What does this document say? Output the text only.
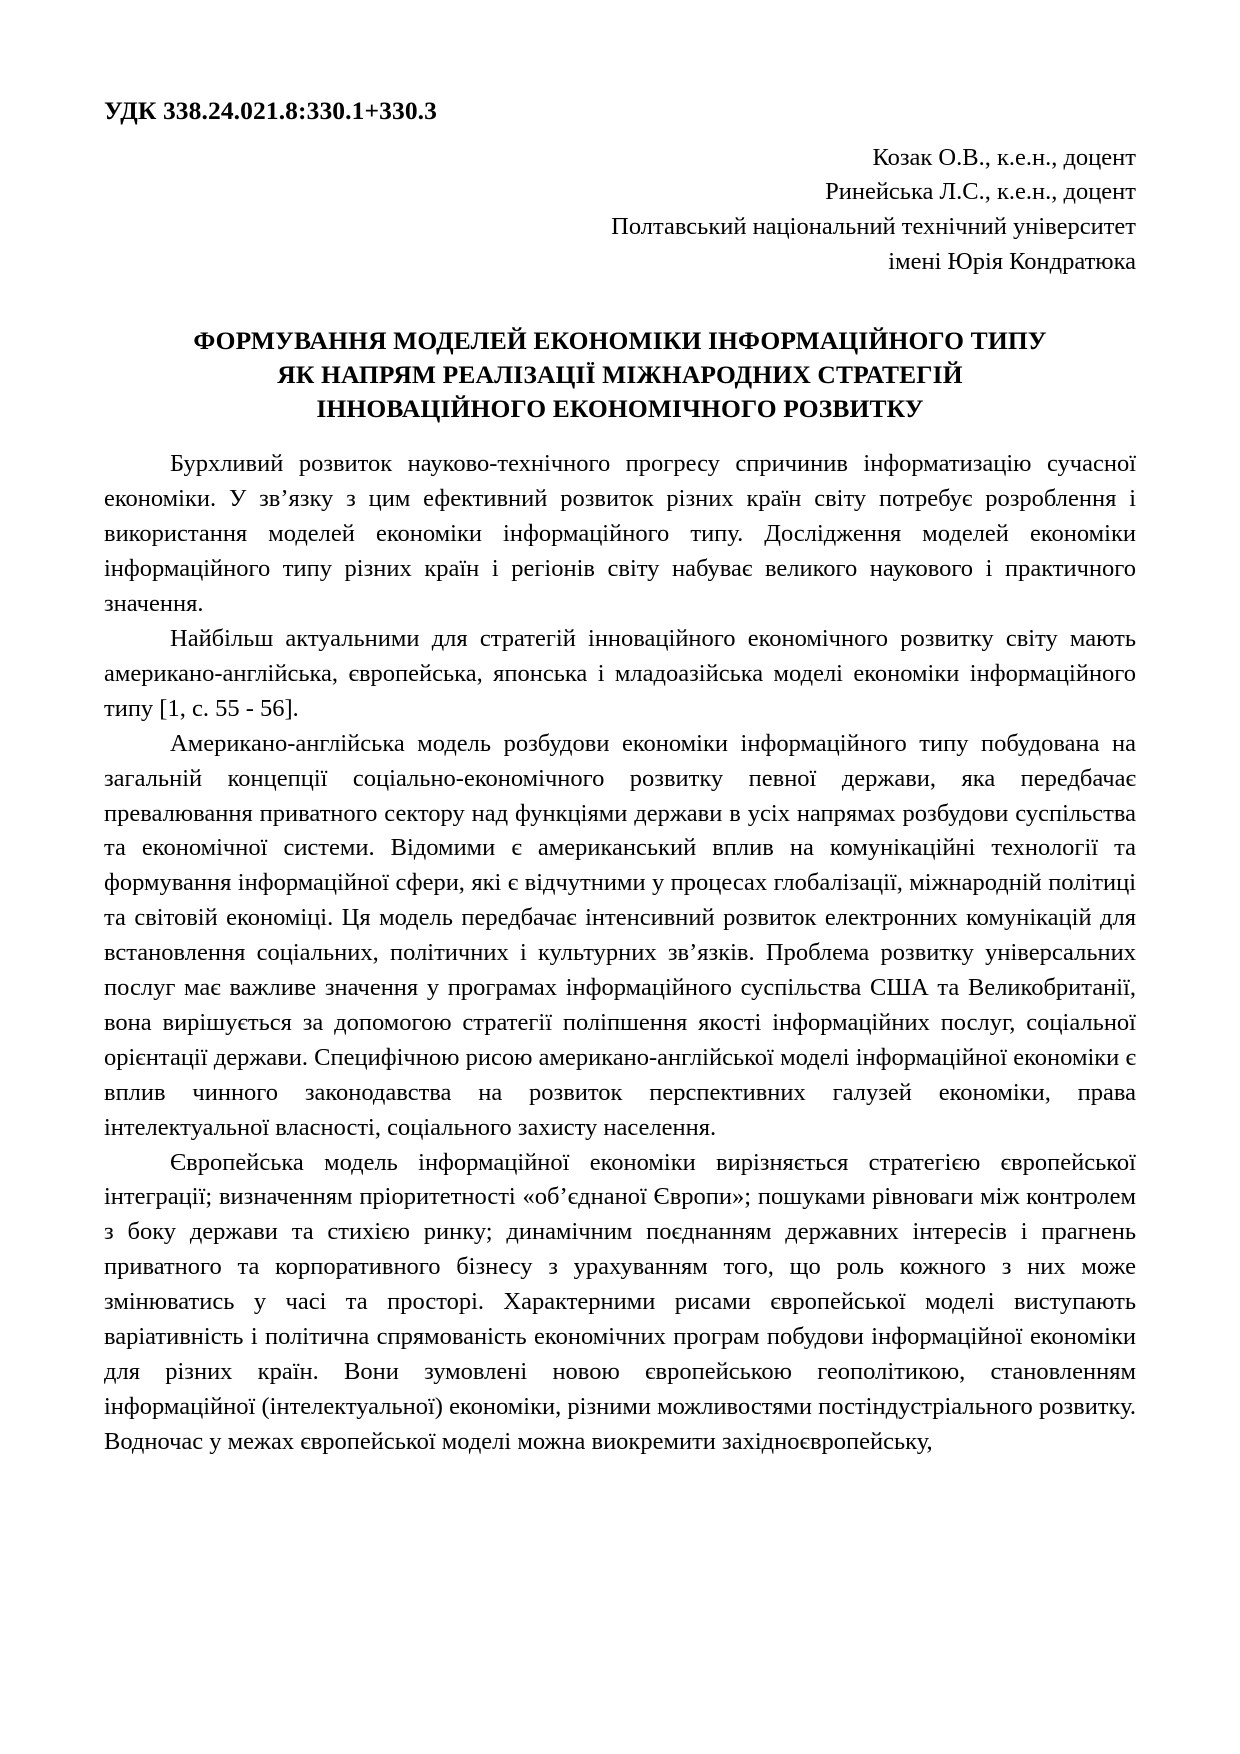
УДК 338.24.021.8:330.1+330.3
Козак О.В., к.е.н., доцент
Ринейська Л.С., к.е.н., доцент
Полтавський національний технічний університет
імені Юрія Кондратюка
ФОРМУВАННЯ МОДЕЛЕЙ ЕКОНОМІКИ ІНФОРМАЦІЙНОГО ТИПУ
ЯК НАПРЯМ РЕАЛІЗАЦІЇ МІЖНАРОДНИХ СТРАТЕГІЙ
ІННОВАЦІЙНОГО ЕКОНОМІЧНОГО РОЗВИТКУ

Бурхливий розвиток науково-технічного прогресу спричинив інформатизацію сучасної економіки. У зв’язку з цим ефективний розвиток різних країн світу потребує розроблення і використання моделей економіки інформаційного типу. Дослідження моделей економіки інформаційного типу різних країн і регіонів світу набуває великого наукового і практичного значення.

Найбільш актуальними для стратегій інноваційного економічного розвитку світу мають американо-англійська, європейська, японська і младоазійська моделі економіки інформаційного типу [1, с. 55 - 56].

Американо-англійська модель розбудови економіки інформаційного типу побудована на загальній концепції соціально-економічного розвитку певної держави, яка передбачає превалювання приватного сектору над функціями держави в усіх напрямах розбудови суспільства та економічної системи. Відомими є американський вплив на комунікаційні технології та формування інформаційної сфери, які є відчутними у процесах глобалізації, міжнародній політиці та світовій економіці. Ця модель передбачає інтенсивний розвиток електронних комунікацій для встановлення соціальних, політичних і культурних зв’язків. Проблема розвитку універсальних послуг має важливе значення у програмах інформаційного суспільства США та Великобританії, вона вирішується за допомогою стратегії поліпшення якості інформаційних послуг, соціальної орієнтації держави. Специфічною рисою американо-англійської моделі інформаційної економіки є вплив чинного законодавства на розвиток перспективних галузей економіки, права інтелектуальної власності, соціального захисту населення.

Європейська модель інформаційної економіки вирізняється стратегією європейської інтеграції; визначенням пріоритетності «об’єднаної Європи»; пошуками рівноваги між контролем з боку держави та стихією ринку; динамічним поєднанням державних інтересів і прагнень приватного та корпоративного бізнесу з урахуванням того, що роль кожного з них може змінюватись у часі та просторі. Характерними рисами європейської моделі виступають варіативність і політична спрямованість економічних програм побудови інформаційної економіки для різних країн. Вони зумовлені новою європейською геополітикою, становленням інформаційної (інтелектуальної) економіки, різними можливостями постіндустріального розвитку. Водночас у межах європейської моделі можна виокремити західноєвропейську,
